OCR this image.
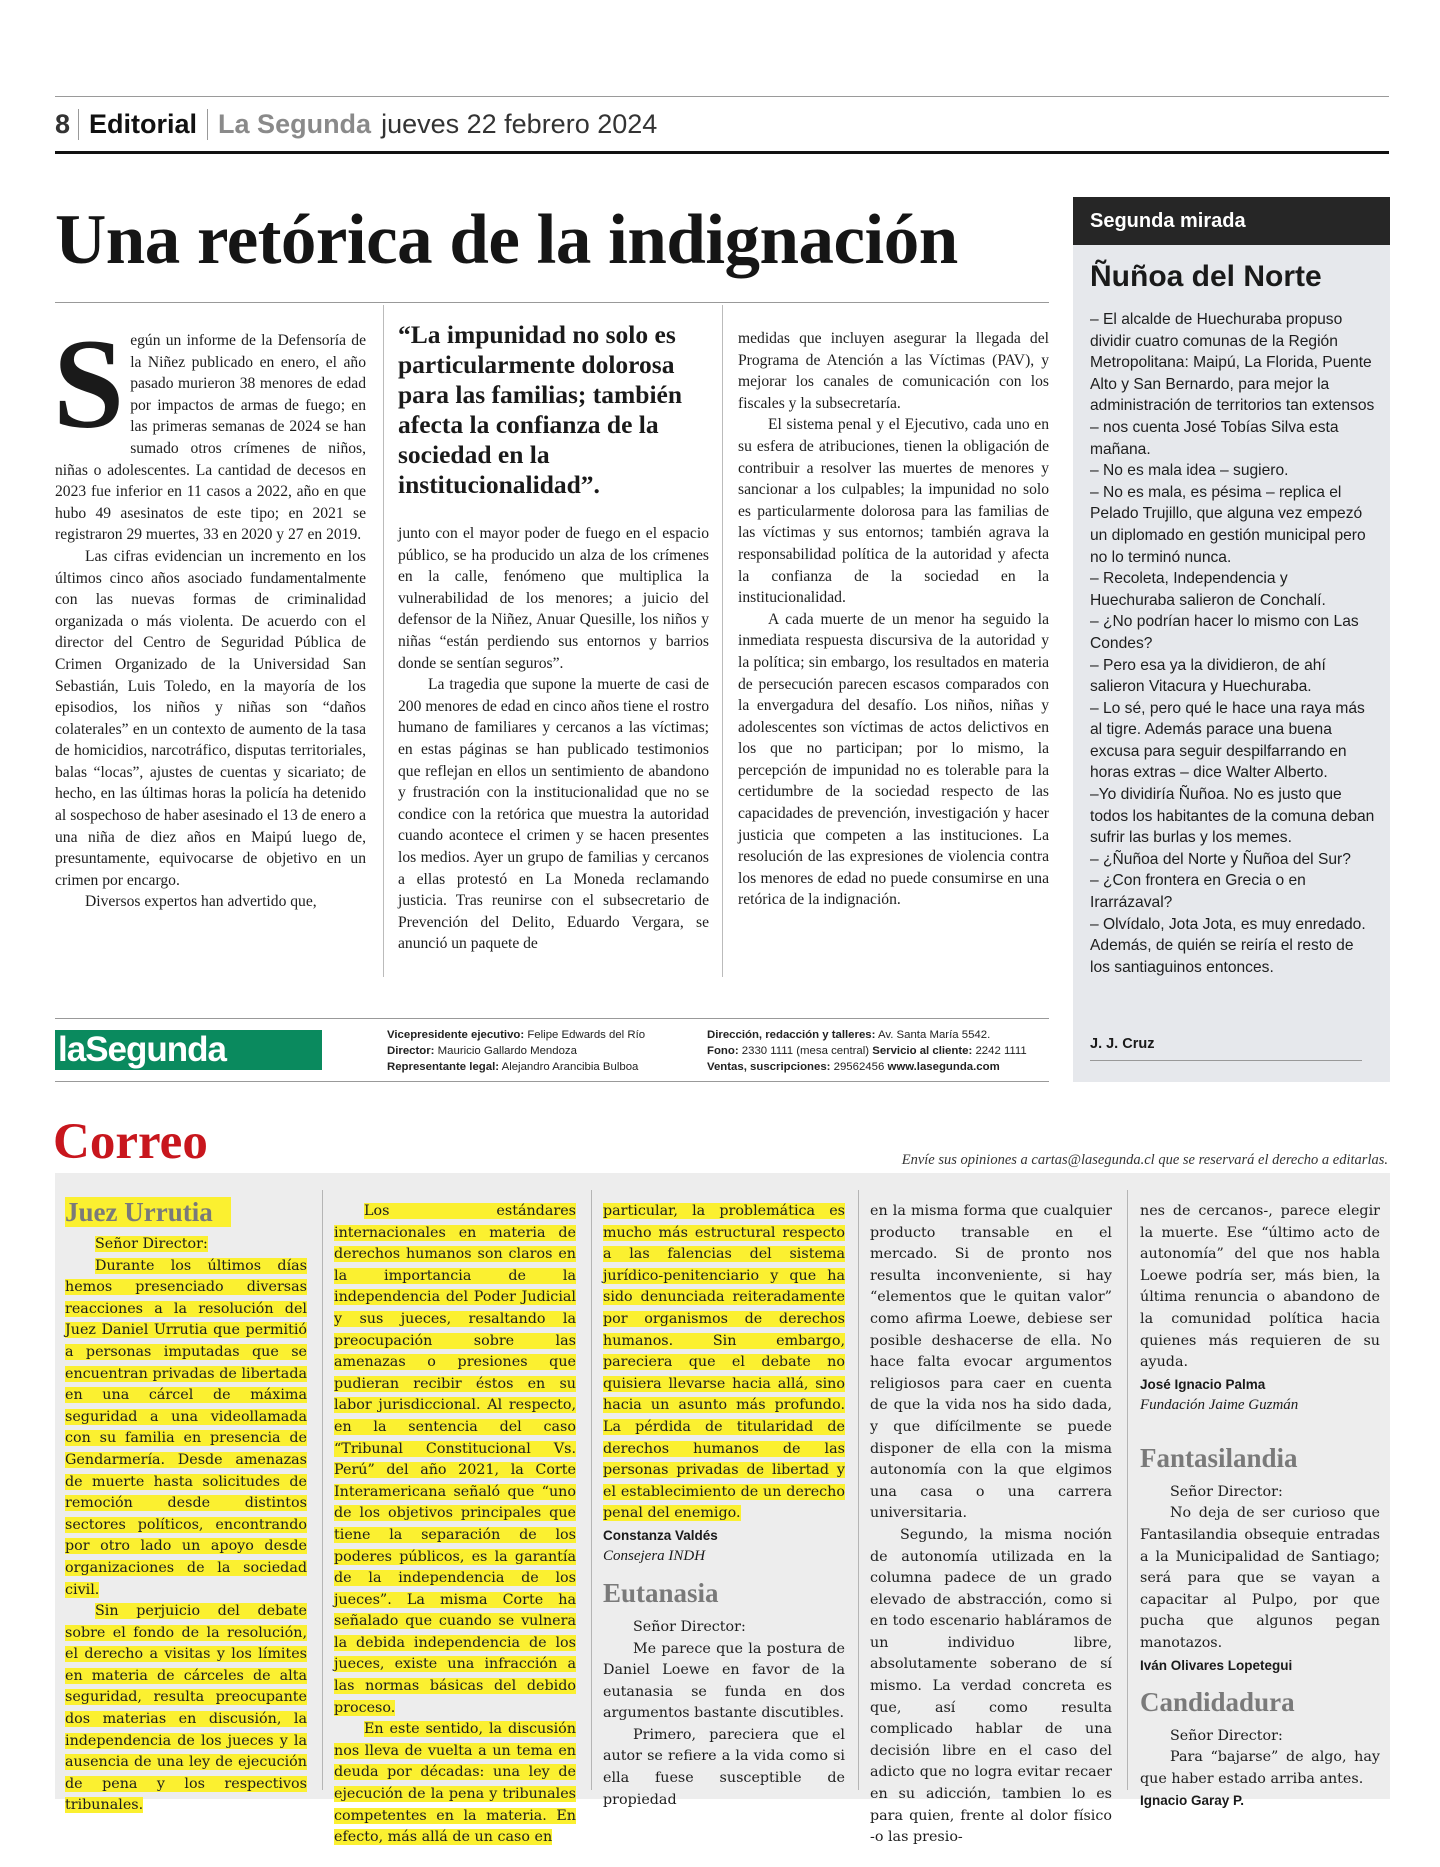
8 Editorial La Segunda jueves 22 febrero 2024
Una retórica de la indignación

Según un informe de la Defensoría de la Niñez publicado en enero, el año pasado murieron 38 menores de edad por impactos de armas de fuego; en las primeras semanas de 2024 se han sumado otros crímenes de niños, niñas o adolescentes. La cantidad de decesos en 2023 fue inferior en 11 casos a 2022, año en que hubo 49 asesinatos de este tipo; en 2021 se registraron 29 muertes, 33 en 2020 y 27 en 2019.

Las cifras evidencian un incremento en los últimos cinco años asociado fundamentalmente con las nuevas formas de criminalidad organizada o más violenta. De acuerdo con el director del Centro de Seguridad Pública de Crimen Organizado de la Universidad San Sebastián, Luis Toledo, en la mayoría de los episodios, los niños y niñas son “daños colaterales” en un contexto de aumento de la tasa de homicidios, narcotráfico, disputas territoriales, balas “locas”, ajustes de cuentas y sicariato; de hecho, en las últimas horas la policía ha detenido al sospechoso de haber asesinado el 13 de enero a una niña de diez años en Maipú luego de, presuntamente, equivocarse de objetivo en un crimen por encargo.

Diversos expertos han advertido que,

“La impunidad no solo es particularmente dolorosa para las familias; también afecta la confianza de la sociedad en la institucionalidad”.

junto con el mayor poder de fuego en el espacio público, se ha producido un alza de los crímenes en la calle, fenómeno que multiplica la vulnerabilidad de los menores; a juicio del defensor de la Niñez, Anuar Quesille, los niños y niñas “están perdiendo sus entornos y barrios donde se sentían seguros”.

La tragedia que supone la muerte de casi de 200 menores de edad en cinco años tiene el rostro humano de familiares y cercanos a las víctimas; en estas páginas se han publicado testimonios que reflejan en ellos un sentimiento de abandono y frustración con la institucionalidad que no se condice con la retórica que muestra la autoridad cuando acontece el crimen y se hacen presentes los medios. Ayer un grupo de familias y cercanos a ellas protestó en La Moneda reclamando justicia. Tras reunirse con el subsecretario de Prevención del Delito, Eduardo Vergara, se anunció un paquete de

medidas que incluyen asegurar la llegada del Programa de Atención a las Víctimas (PAV), y mejorar los canales de comunicación con los fiscales y la subsecretaría.

El sistema penal y el Ejecutivo, cada uno en su esfera de atribuciones, tienen la obligación de contribuir a resolver las muertes de menores y sancionar a los culpables; la impunidad no solo es particularmente dolorosa para las familias de las víctimas y sus entornos; también agrava la responsabilidad política de la autoridad y afecta la confianza de la sociedad en la institucionalidad.

A cada muerte de un menor ha seguido la inmediata respuesta discursiva de la autoridad y la política; sin embargo, los resultados en materia de persecución parecen escasos comparados con la envergadura del desafío. Los niños, niñas y adolescentes son víctimas de actos delictivos en los que no participan; por lo mismo, la percepción de impunidad no es tolerable para la certidumbre de la sociedad respecto de las capacidades de prevención, investigación y hacer justicia que competen a las instituciones. La resolución de las expresiones de violencia contra los menores de edad no puede consumirse en una retórica de la indignación.

Segunda mirada
Ñuñoa del Norte

– El alcalde de Huechuraba propuso dividir cuatro comunas de la Región Metropolitana: Maipú, La Florida, Puente Alto y San Bernardo, para mejor la administración de territorios tan extensos – nos cuenta José Tobías Silva esta mañana.

– No es mala idea – sugiero.

– No es mala, es pésima – replica el Pelado Trujillo, que alguna vez empezó un diplomado en gestión municipal pero no lo terminó nunca.

– Recoleta, Independencia y Huechuraba salieron de Conchalí.

– ¿No podrían hacer lo mismo con Las Condes?

– Pero esa ya la dividieron, de ahí salieron Vitacura y Huechuraba.

– Lo sé, pero qué le hace una raya más al tigre. Además parace una buena excusa para seguir despilfarrando en horas extras – dice Walter Alberto.

–Yo dividiría Ñuñoa. No es justo que todos los habitantes de la comuna deban sufrir las burlas y los memes.

– ¿Ñuñoa del Norte y Ñuñoa del Sur?

– ¿Con frontera en Grecia o en Irarrázaval?

– Olvídalo, Jota Jota, es muy enredado. Además, de quién se reiría el resto de los santiaguinos entonces.

J. J. Cruz
laSegunda	Vicepresidente ejecutivo: Felipe Edwards del Río
Director: Mauricio Gallardo Mendoza
Representante legal: Alejandro Arancibia Bulboa
Dirección, redacción y talleres: Av. Santa María 5542.
Fono: 2330 1111 (mesa central) Servicio al cliente: 2242 1111
Ventas, suscripciones: 29562456 www.lasegunda.com
Correo	Envíe sus opiniones a cartas@lasegunda.cl que se reservará el derecho a editarlas.
Juez Urrutia

Señor Director:

Durante los últimos días hemos presenciado diversas reacciones a la resolución del Juez Daniel Urrutia que permitió a personas imputadas que se encuentran privadas de libertada en una cárcel de máxima seguridad a una videollamada con su familia en presencia de Gendarmería. Desde amenazas de muerte hasta solicitudes de remoción desde distintos sectores políticos, encontrando por otro lado un apoyo desde organizaciones de la sociedad civil.

Sin perjuicio del debate sobre el fondo de la resolución, el derecho a visitas y los límites en materia de cárceles de alta seguridad, resulta preocupante dos materias en discusión, la independencia de los jueces y la ausencia de una ley de ejecución de pena y los respectivos tribunales.

Los estándares internacionales en materia de derechos humanos son claros en la importancia de la independencia del Poder Judicial y sus jueces, resaltando la preocupación sobre las amenazas o presiones que pudieran recibir éstos en su labor jurisdiccional. Al respecto, en la sentencia del caso “Tribunal Constitucional Vs. Perú” del año 2021, la Corte Interamericana señaló que “uno de los objetivos principales que tiene la separación de los poderes públicos, es la garantía de la independencia de los jueces”. La misma Corte ha señalado que cuando se vulnera la debida independencia de los jueces, existe una infracción a las normas básicas del debido proceso.

En este sentido, la discusión nos lleva de vuelta a un tema en deuda por décadas: una ley de ejecución de la pena y tribunales competentes en la materia. En efecto, más allá de un caso en

particular, la problemática es mucho más estructural respecto a las falencias del sistema jurídico-penitenciario y que ha sido denunciada reiteradamente por organismos de derechos humanos. Sin embargo, pareciera que el debate no quisiera llevarse hacia allá, sino hacia un asunto más profundo. La pérdida de titularidad de derechos humanos de las personas privadas de libertad y el establecimiento de un derecho penal del enemigo.

Constanza Valdés
Consejera INDH
Eutanasia

Señor Director:

Me parece que la postura de Daniel Loewe en favor de la eutanasia se funda en dos argumentos bastante discutibles.

Primero, pareciera que el autor se refiere a la vida como si ella fuese susceptible de propiedad

en la misma forma que cualquier producto transable en el mercado. Si de pronto nos resulta inconveniente, si hay “elementos que le quitan valor” como afirma Loewe, debiese ser posible deshacerse de ella. No hace falta evocar argumentos religiosos para caer en cuenta de que la vida nos ha sido dada, y que difícilmente se puede disponer de ella con la misma autonomía con la que elgimos una casa o una carrera universitaria.

Segundo, la misma noción de autonomía utilizada en la columna padece de un grado elevado de abstracción, como si en todo escenario habláramos de un individuo libre, absolutamente soberano de sí mismo. La verdad concreta es que, así como resulta complicado hablar de una decisión libre en el caso del adicto que no logra evitar recaer en su adicción, tambien lo es para quien, frente al dolor físico -o las presio-

nes de cercanos-, parece elegir la muerte. Ese “último acto de autonomía” del que nos habla Loewe podría ser, más bien, la última renuncia o abandono de la comunidad política hacia quienes más requieren de su ayuda.

José Ignacio Palma
Fundación Jaime Guzmán
Fantasilandia

Señor Director:

No deja de ser curioso que Fantasilandia obsequie entradas a la Municipalidad de Santiago; será para que se vayan a capacitar al Pulpo, por que pucha que algunos pegan manotazos.

Iván Olivares Lopetegui
Candidadura

Señor Director:

Para “bajarse” de algo, hay que haber estado arriba antes.

Ignacio Garay P.
